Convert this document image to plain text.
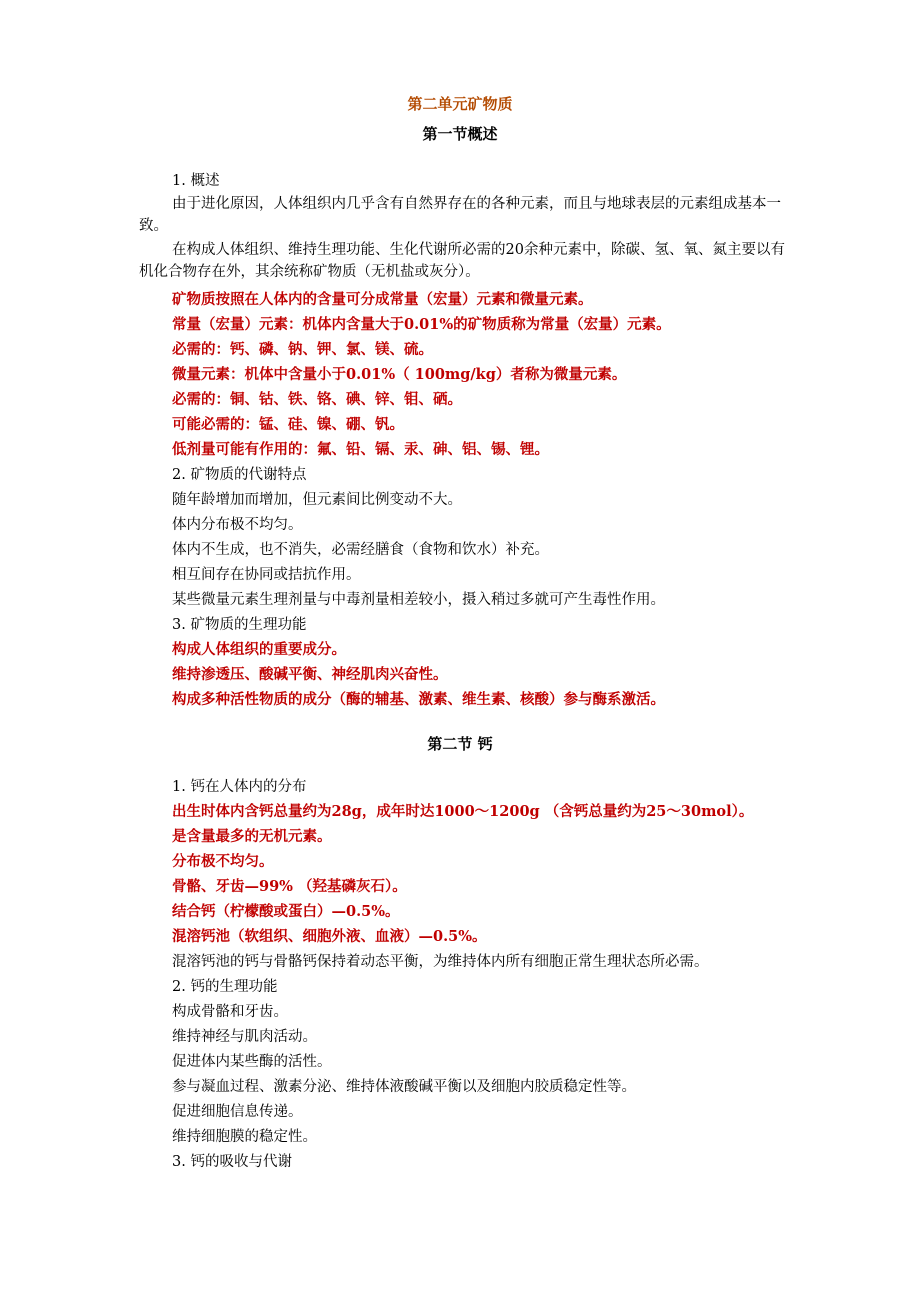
第二单元矿物质
第一节概述
1. 概述
由于进化原因，人体组织内几乎含有自然界存在的各种元素，而且与地球表层的元素组成基本一致。
在构成人体组织、维持生理功能、生化代谢所必需的20余种元素中，除碳、氢、氧、氮主要以有机化合物存在外，其余统称矿物质（无机盐或灰分）。
矿物质按照在人体内的含量可分成常量（宏量）元素和微量元素。
常量（宏量）元素：机体内含量大于0.01%的矿物质称为常量（宏量）元素。
必需的：钙、磷、钠、钾、氯、镁、硫。
微量元素：机体中含量小于0.01%（ 100mg/kg）者称为微量元素。
必需的：铜、钴、铁、铬、碘、锌、钼、硒。
可能必需的：锰、硅、镍、硼、钒。
低剂量可能有作用的：氟、铅、镉、汞、砷、铝、锡、锂。
2. 矿物质的代谢特点
随年龄增加而增加，但元素间比例变动不大。
体内分布极不均匀。
体内不生成，也不消失，必需经膳食（食物和饮水）补充。
相互间存在协同或拮抗作用。
某些微量元素生理剂量与中毒剂量相差较小，摄入稍过多就可产生毒性作用。
3. 矿物质的生理功能
构成人体组织的重要成分。
维持渗透压、酸碱平衡、神经肌肉兴奋性。
构成多种活性物质的成分（酶的辅基、激素、维生素、核酸）参与酶系激活。
第二节 钙
1. 钙在人体内的分布
出生时体内含钙总量约为28g，成年时达1000～1200g （含钙总量约为25～30mol）。
是含量最多的无机元素。
分布极不均匀。
骨骼、牙齿—99% （羟基磷灰石）。
结合钙（柠檬酸或蛋白）—0.5%。
混溶钙池（软组织、细胞外液、血液）—0.5%。
混溶钙池的钙与骨骼钙保持着动态平衡，为维持体内所有细胞正常生理状态所必需。
2. 钙的生理功能
构成骨骼和牙齿。
维持神经与肌肉活动。
促进体内某些酶的活性。
参与凝血过程、激素分泌、维持体液酸碱平衡以及细胞内胶质稳定性等。
促进细胞信息传递。
维持细胞膜的稳定性。
3. 钙的吸收与代谢
